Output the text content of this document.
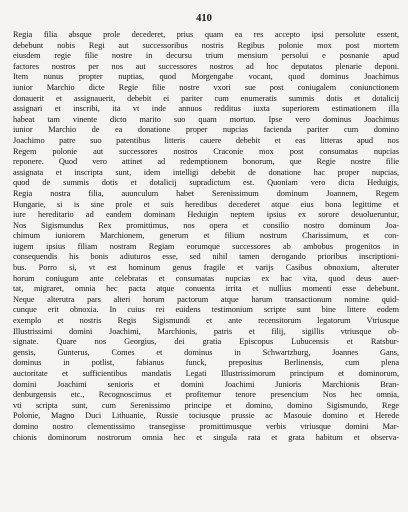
410
Regia filia absque prole decederet, prius quam ea res accepto ipsi persolute essent,
debebunt nobis Regi aut successoribus nostris Regibus polonie mox post mortem
eiusdem regie filie nostre in decursu trium mensium persolui e posnanie apud
factores nostros per nos aut successores nostros ad hoc deputatos plenarie deponi.
Item nunus propter nuptias, quod Morgengabe vocant, quod dominus Joachimus
iunior Marchio dicte Regie filie nostre vxori sue post coniugalem coniunctionem
donauerit et assignauerit, debebit ei pariter cum enumeratis summis dotis et dotalicij
assignari et inscribi, ita vt inde annuos redditus iuxta superiorem estimationem illa
habeat tam vinente dicto marito suo quam mortuo. Ipse vero dominus Joachimus
iunior Marchio de ea donatione proper nupcias facienda pariter cum domino
Joachimo patre suo patentibus litteris cauere debebit et eas litteras apud nos
Regem polonie aut successores nostros Craconie mox post consumatas nupcias
reponere. Quod vero attinet ad redemptionem bonorum, que Regie nostre filie
assignata et inscripta sunt, idem intelligi debebit de donatione hac proper nupcias,
quod de summis dotis et dotalicij supradictum est. Quoniam vero dicta Heduigis,
Regia nostra filia, auunculum habet Serenissimum dominum Joannem, Regem
Hungarie, si is sine prole et suis heredibus decederet atque eius bona legittime et
iure hereditario ad eandem dominam Heduigin neptem ipsius ex sorore deuolueruntur,
Nos Sigismundus Rex promittimus, nos opera et consilio nostro dominum Joa-
chimum iuniorem Marchionem, generum et filium nostrum Charissimum, et con-
iugem ipsius filiam nostram Regiam eorumque successores ab ambobus progenitos in
consequendis his bonis adiuturos esse, sed nihil tamen derogando prioribus inscriptioni-
bus. Porro si, vt est hominum genus fragile et varijs Casibus obnoxium, alteruter
horum coniugum ante celebratas et consumatas nupcias ex hac vita, quod deus auer-
tat, migraret, omnia hec pacta atque conuenta irrita et nullius momenti esse debebunt.
Neque alterutra pars alteri horum pactorum atque harum transactionum nomine quid-
cunque erit obnoxia. In cuius rei euidens testimonium scripte sunt bine littere eodem
exemplo et nostris Regis Sigismundi et ante recensitorum legatorum Vtriusque
Illustrissimi domini Joachimi, Marchionis, patris et filij, sigillis vtriusque ob-
signate. Quare nos Georgius, dei gratia Episcopus Lubucensis et Ratsbur-
gensis, Gunterus, Comes et dominus in Schwartzburg, Joannes Gans,
dominus in potlist, fabianus funck, prepositus Berlinensis, cum plena
auctoritate et sufficientibus mandatis Legati Illustrissimorum principum et dominorum,
domini Joachimi senioris et domini Joachimi Junioris Marchionis Bran-
denburgensis etc., Recognoscimus et profitemur tenore presencium Nos hec omnia,
vti scripta sunt, cum Serenissimo principe et domino, domino Sigismundo, Rege
Polonie, Magno Duci Lithuanie, Russie tociusque prussie ac Masouie domino et Herede
domino nostro clementissimo transegisse promittimusque verbis vtriusque domini Mar-
chionis dominorum nostrorum omnia hec et singula rata et grata habitum et observa-
